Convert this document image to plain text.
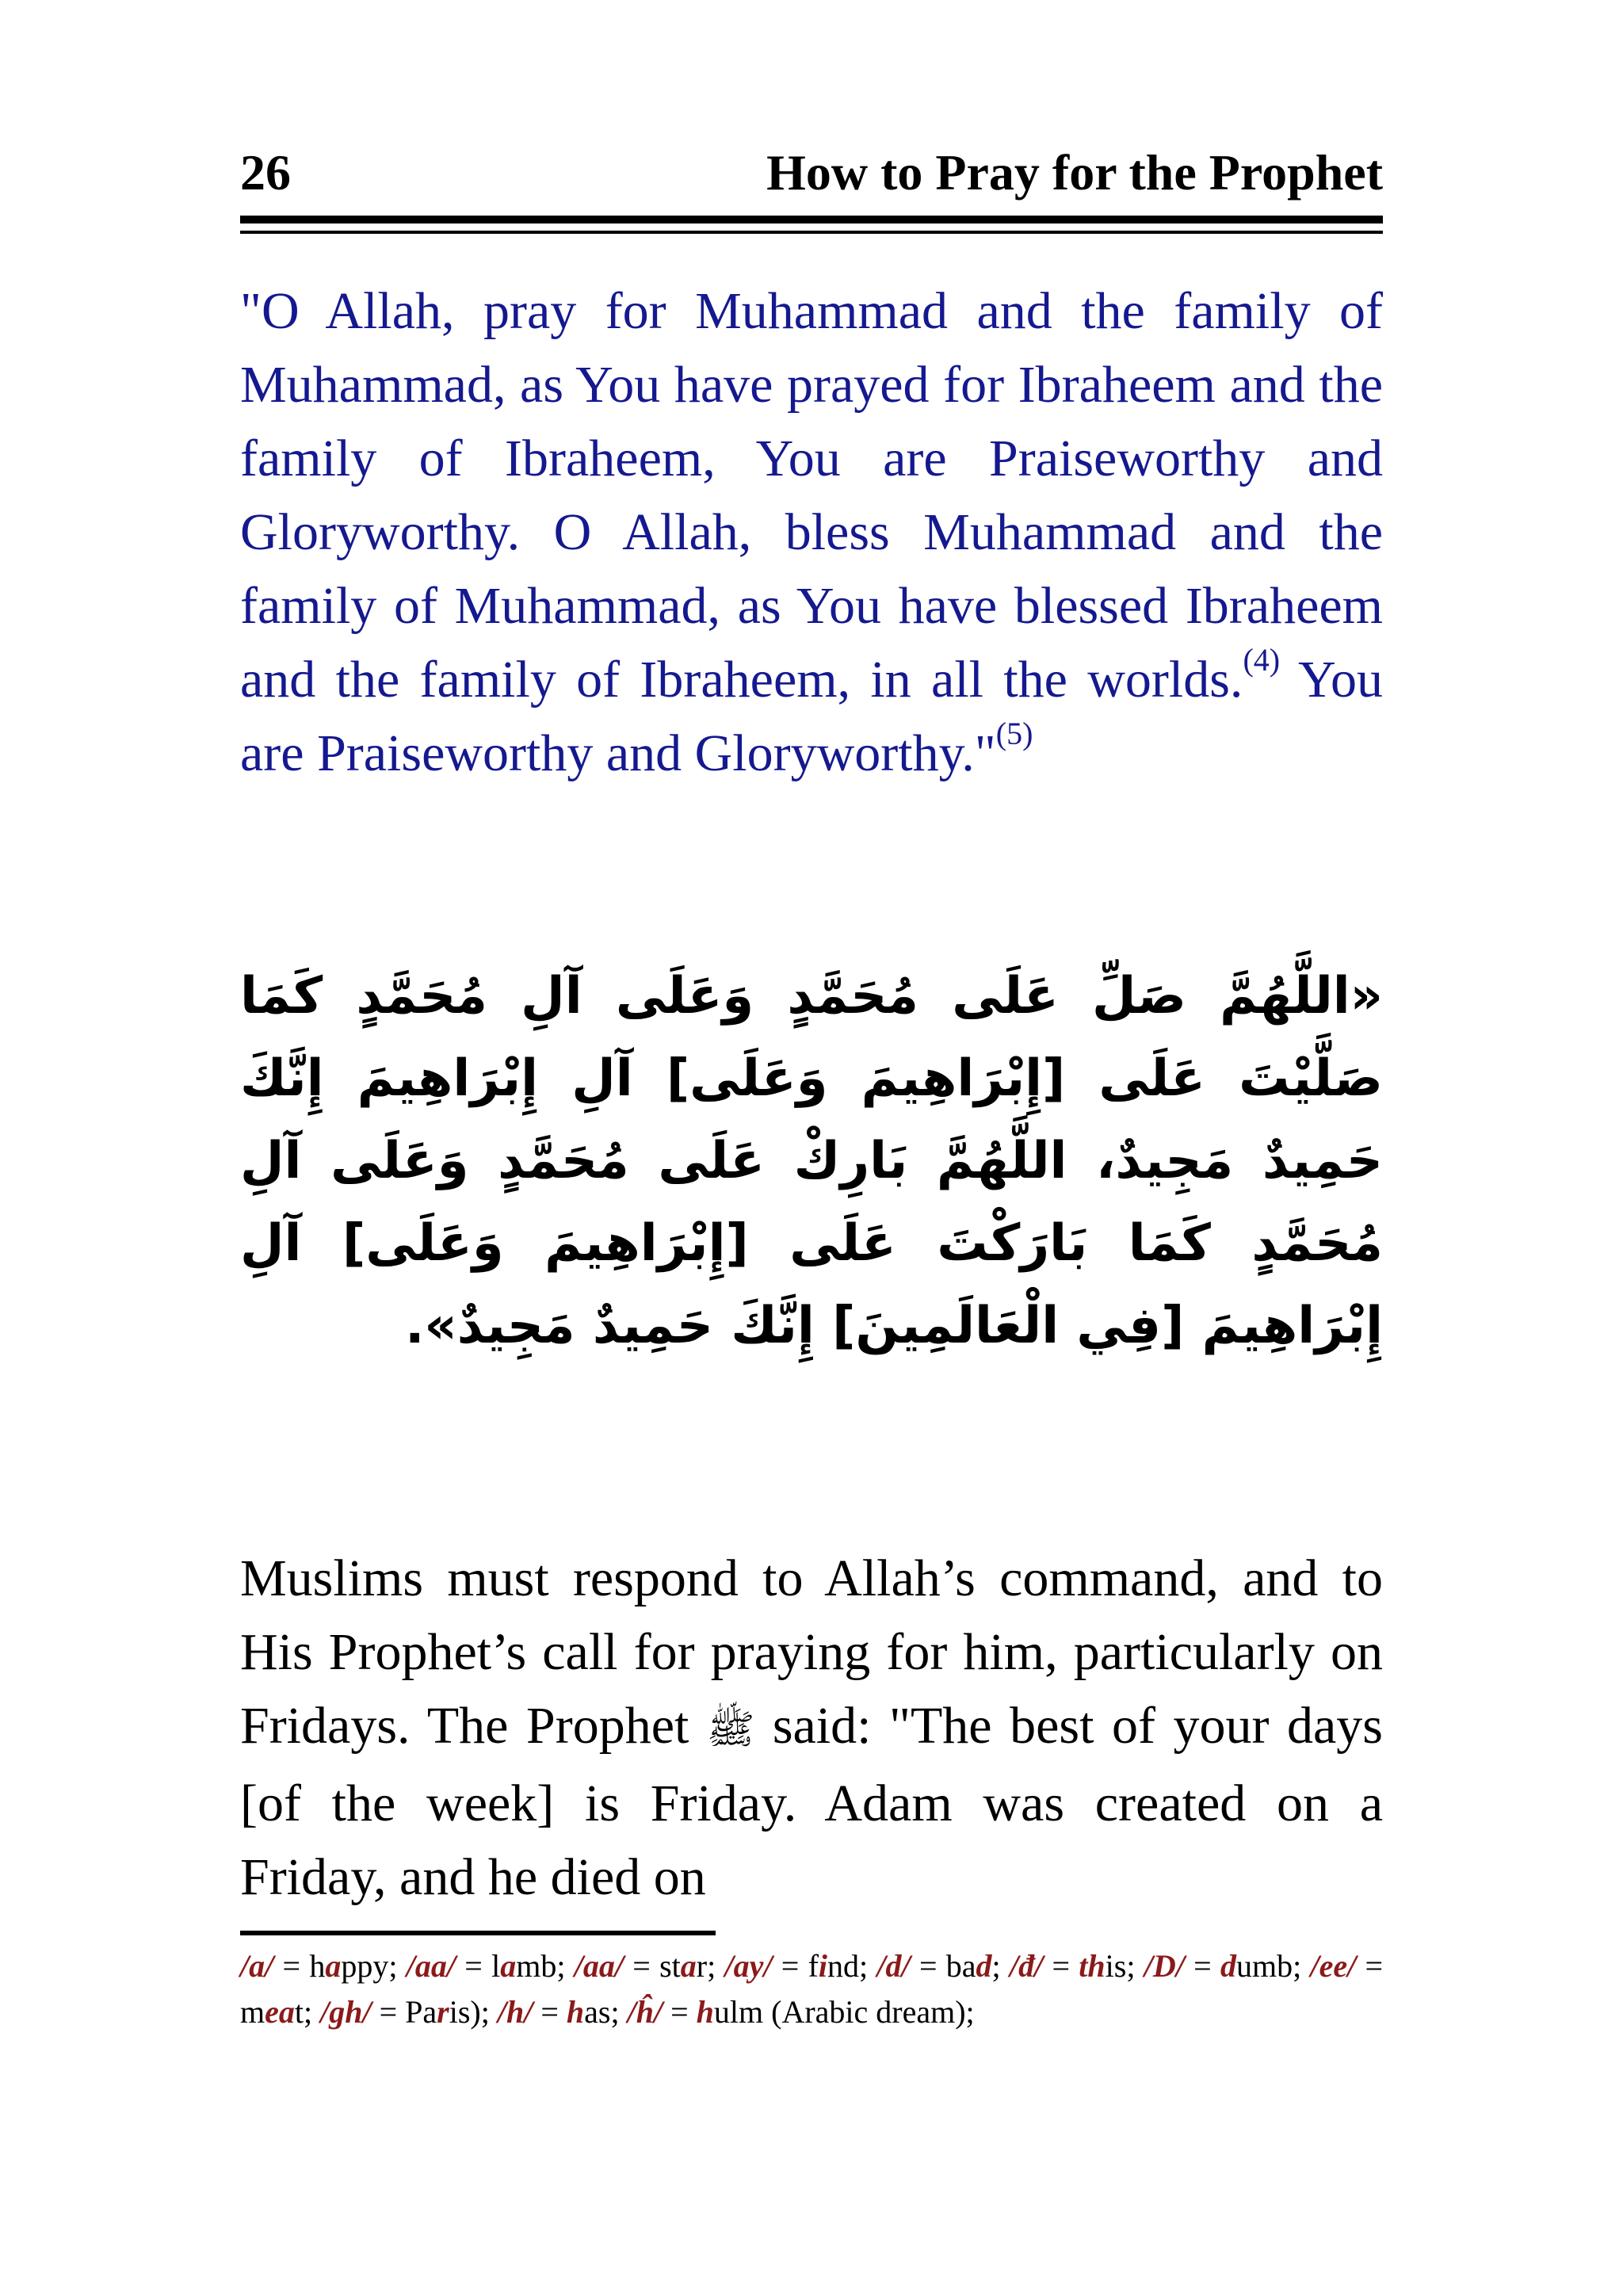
26	How to Pray for the Prophet
"O Allah, pray for Muhammad and the family of Muhammad, as You have prayed for Ibraheem and the family of Ibraheem, You are Praiseworthy and Gloryworthy. O Allah, bless Muhammad and the family of Muhammad, as You have blessed Ibraheem and the family of Ibraheem, in all the worlds.$^{(4)}$ You are Praiseworthy and Gloryworthy."$^{(5)}$
«اللَّهُمَّ صَلِّ عَلَى مُحَمَّدٍ وَعَلَى آلِ مُحَمَّدٍ كَمَا صَلَّيْتَ عَلَى [إِبْرَاهِيمَ وَعَلَى] آلِ إِبْرَاهِيمَ إِنَّكَ حَمِيدٌ مَجِيدٌ، اللَّهُمَّ بَارِكْ عَلَى مُحَمَّدٍ وَعَلَى آلِ مُحَمَّدٍ كَمَا بَارَكْتَ عَلَى [إِبْرَاهِيمَ وَعَلَى] آلِ إِبْرَاهِيمَ [فِي الْعَالَمِينَ] إِنَّكَ حَمِيدٌ مَجِيدٌ».
Muslims must respond to Allah’s command, and to His Prophet’s call for praying for him, particularly on Fridays. The Prophet ﷺ said: "The best of your days [of the week] is Friday. Adam was created on a Friday, and he died on
/a/ = happy; /aa/ = lamb; /aa/ = star; /ay/ = find; /d/ = bad; /đ/ = this; /D/ = dumb; /ee/ = meat; /gh/ = Paris); /h/ = has; /ĥ/ = hulm (Arabic dream);
